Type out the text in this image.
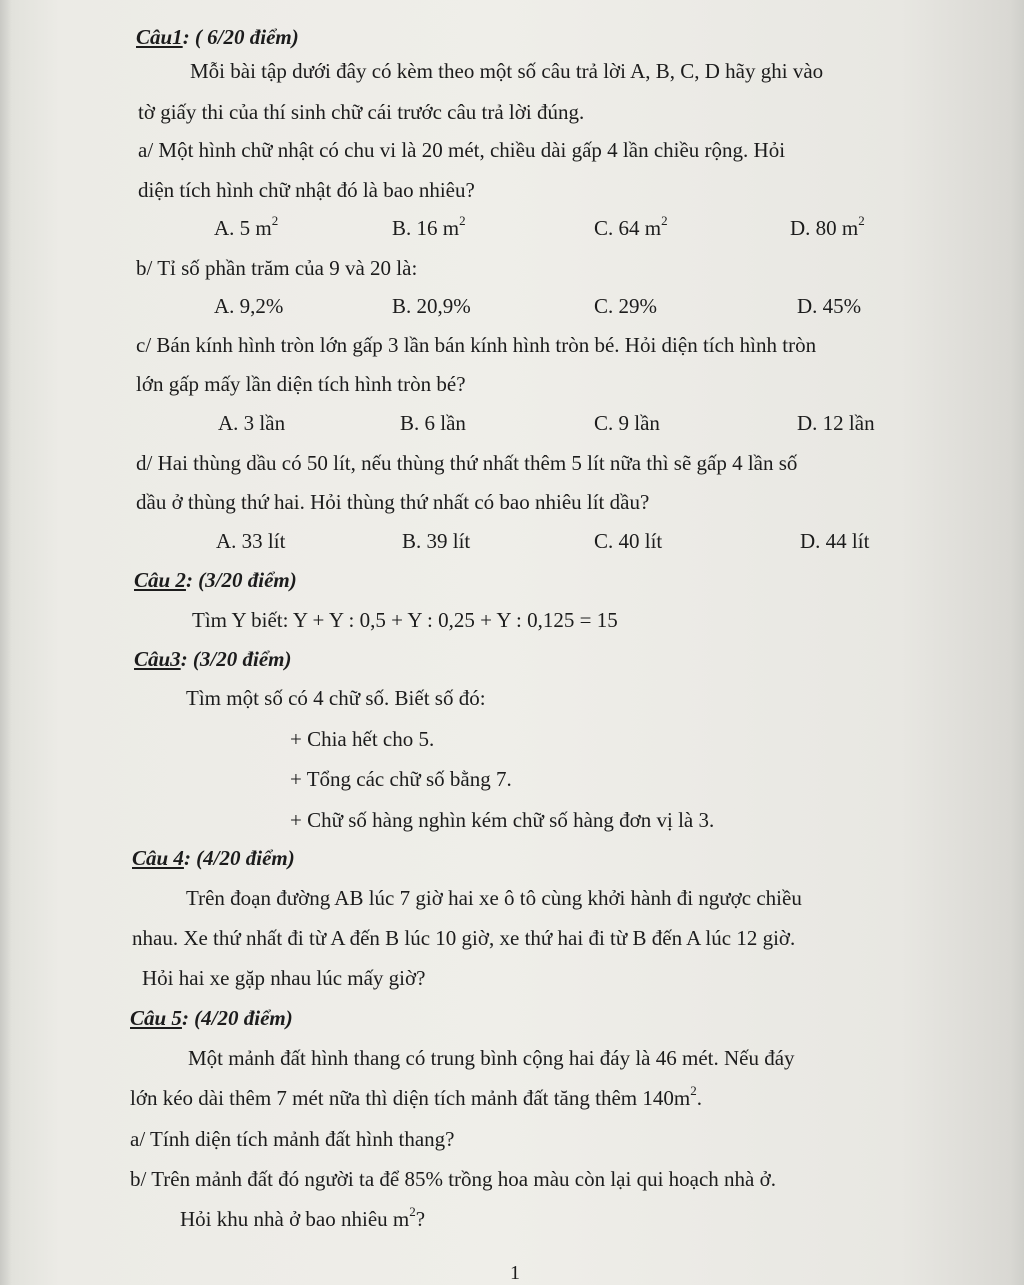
Câu1: ( 6/20 điểm)
Mỗi bài tập dưới đây có kèm theo một số câu trả lời A, B, C, D hãy ghi vào
tờ giấy thi của thí sinh chữ cái trước câu trả lời đúng.
a/ Một hình chữ nhật có chu vi là 20 mét, chiều dài gấp 4 lần chiều rộng. Hỏi
diện tích hình chữ nhật đó là bao nhiêu?
A. 5 $m^2$	B. 16 $m^2$	C. 64 $m^2$	D. 80 $m^2$
b/ Tỉ số phần trăm của 9 và 20 là:
A. 9,2%	B. 20,9%	C. 29%	D. 45%
c/ Bán kính hình tròn lớn gấp 3 lần bán kính hình tròn bé. Hỏi diện tích hình tròn
lớn gấp mấy lần diện tích hình tròn bé?
A. 3 lần	B. 6 lần	C. 9 lần	D. 12 lần
d/ Hai thùng dầu có 50 lít, nếu thùng thứ nhất thêm 5 lít nữa thì sẽ gấp 4 lần số
dầu ở thùng thứ hai. Hỏi thùng thứ nhất có bao nhiêu lít dầu?
A. 33 lít	B. 39 lít	C. 40 lít	D. 44 lít
Câu 2: (3/20 điểm)
Tìm Y biết: Y + Y : 0,5 + Y : 0,25 + Y : 0,125 = 15
Câu3: (3/20 điểm)
Tìm một số có 4 chữ số. Biết số đó:
+ Chia hết cho 5.
+ Tổng các chữ số bằng 7.
+ Chữ số hàng nghìn kém chữ số hàng đơn vị là 3.
Câu 4: (4/20 điểm)
Trên đoạn đường AB lúc 7 giờ hai xe ô tô cùng khởi hành đi ngược chiều
nhau. Xe thứ nhất đi từ A đến B lúc 10 giờ, xe thứ hai đi từ B đến A lúc 12 giờ.
Hỏi hai xe gặp nhau lúc mấy giờ?
Câu 5: (4/20 điểm)
Một mảnh đất hình thang có trung bình cộng hai đáy là 46 mét. Nếu đáy
lớn kéo dài thêm 7 mét nữa thì diện tích mảnh đất tăng thêm $140m^2$.
a/ Tính diện tích mảnh đất hình thang?
b/ Trên mảnh đất đó người ta để 85% trồng hoa màu còn lại qui hoạch nhà ở.
Hỏi khu nhà ở bao nhiêu $m^2$?
1
